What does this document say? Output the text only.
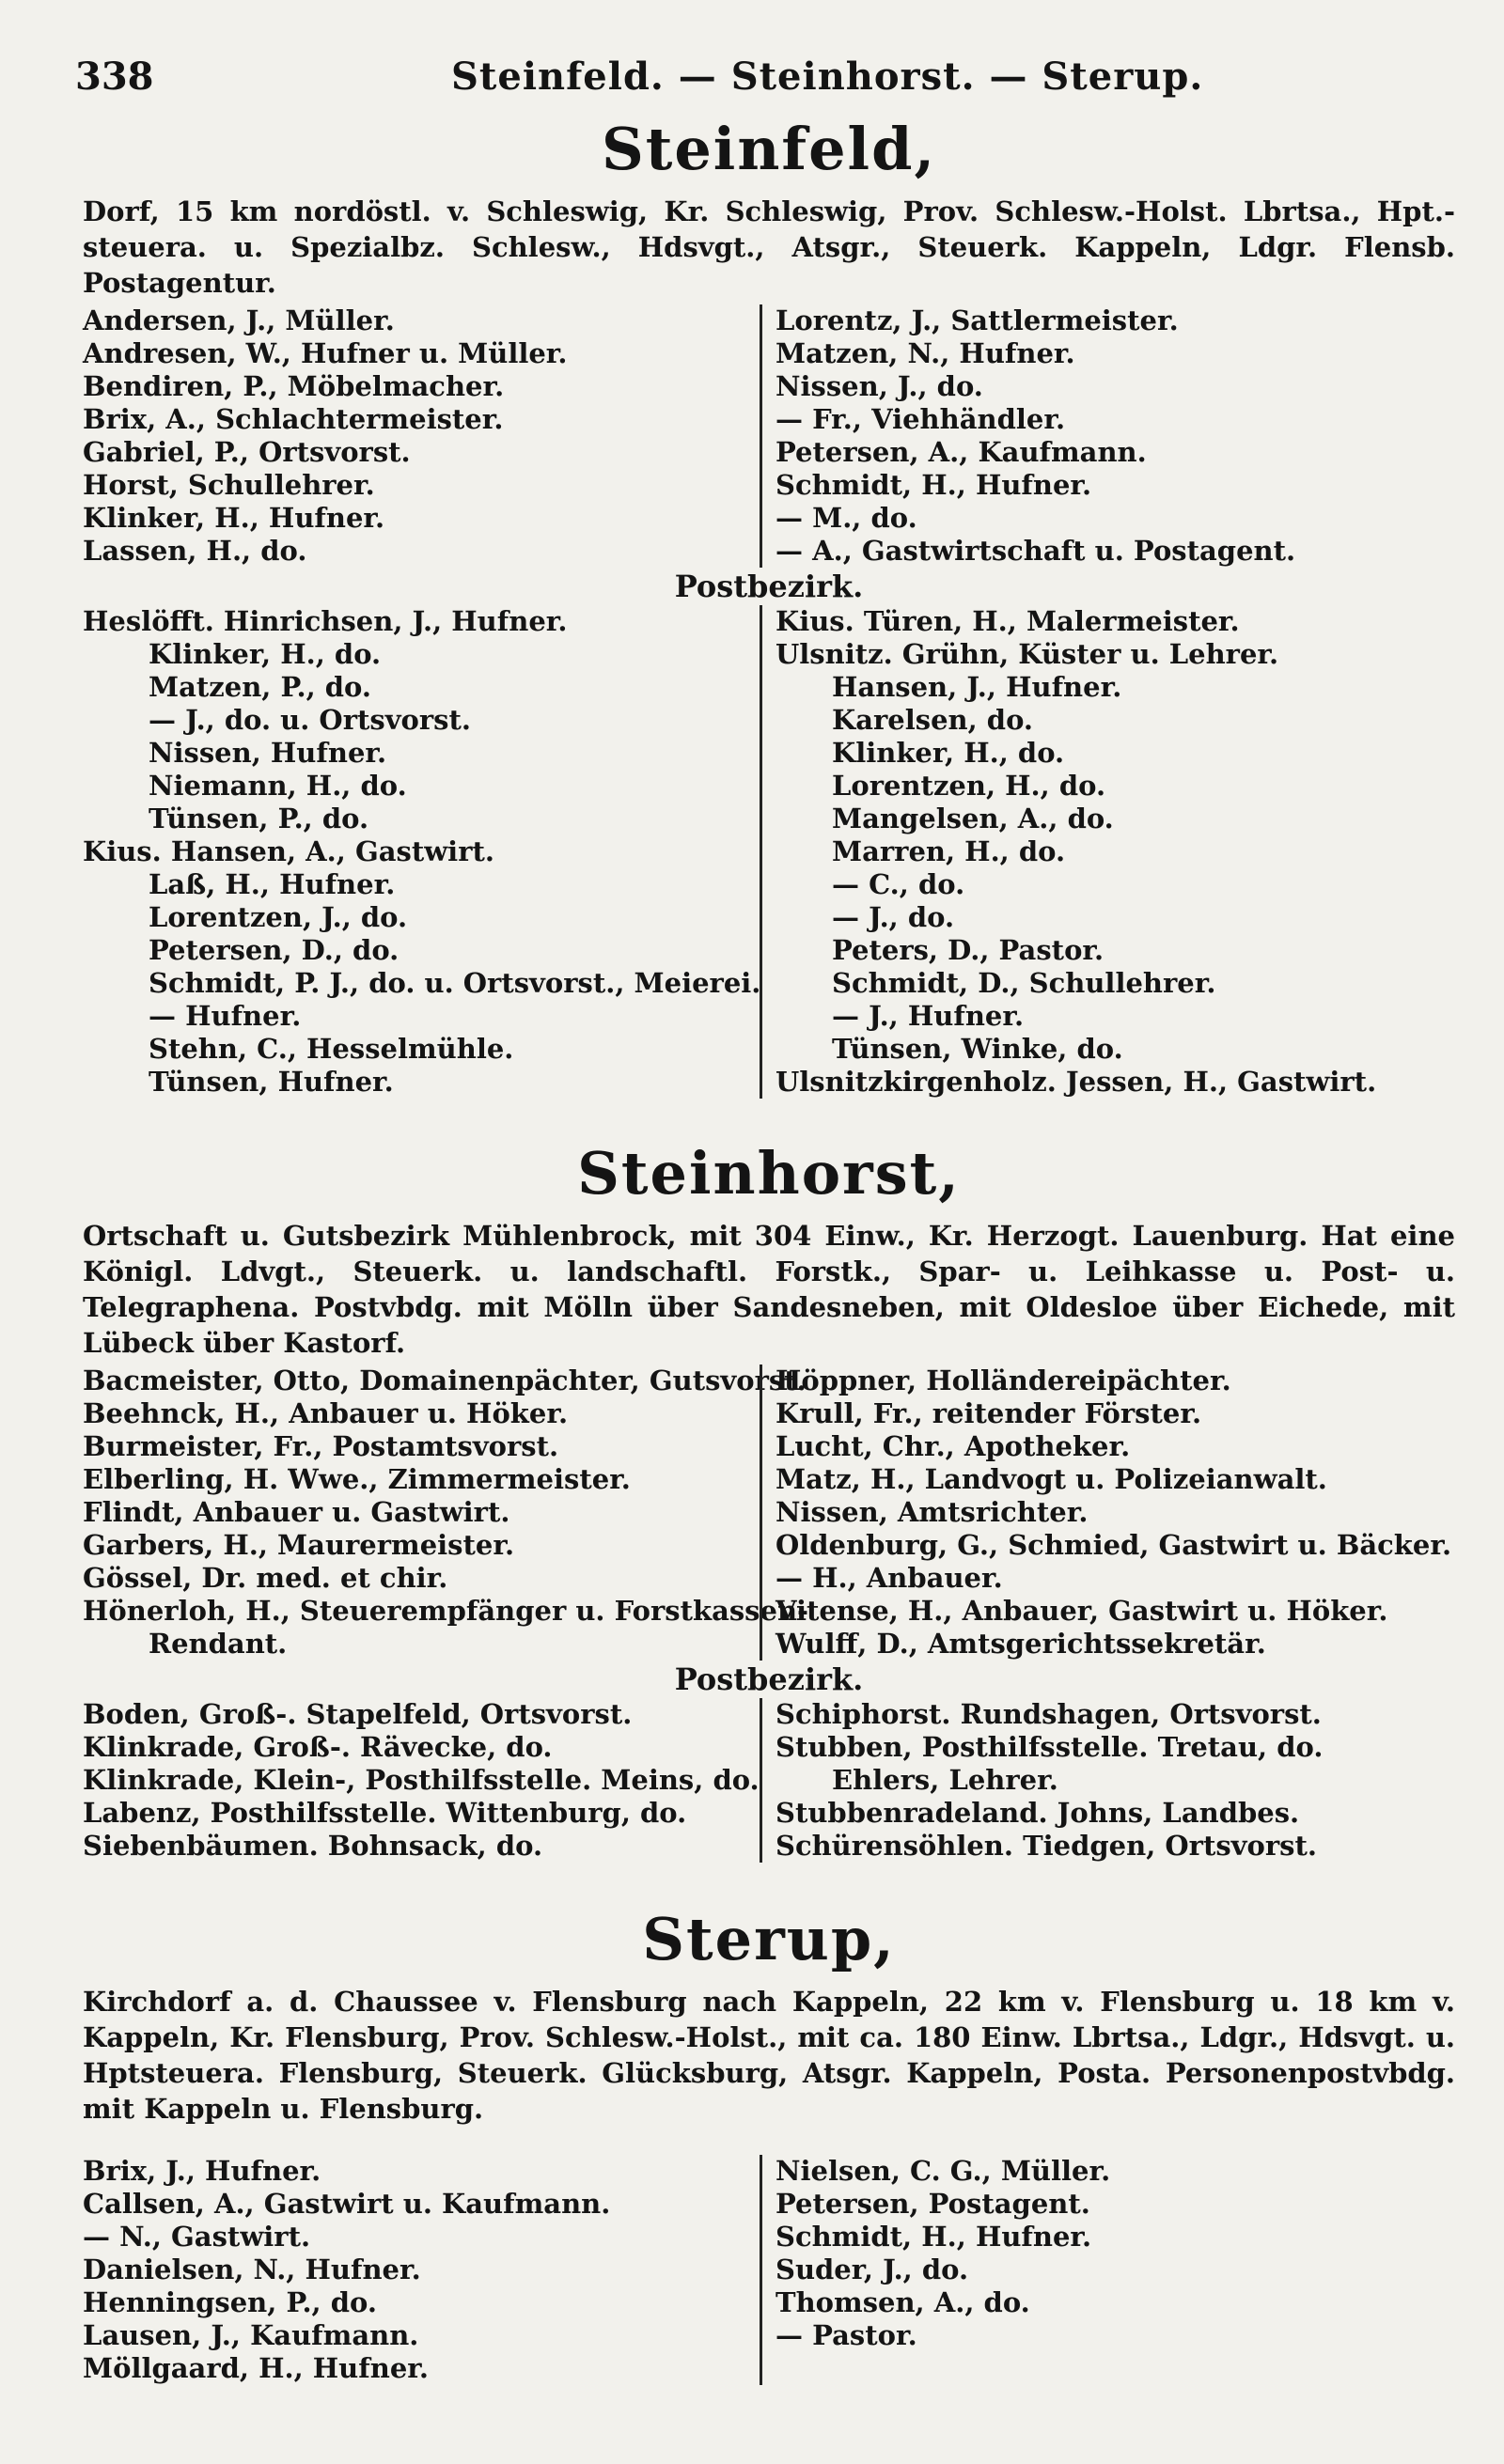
338	Steinfeld. — Steinhorst. — Sterup.
Steinfeld,
Dorf, 15 km nordöstl. v. Schleswig, Kr. Schleswig, Prov. Schlesw.-Holst. Lbrtsa., Hpt.-steuera. u. Spezialbz. Schlesw., Hdsvgt., Atsgr., Steuerk. Kappeln, Ldgr. Flensb. Postagentur.
Andersen, J., Müller.
Andresen, W., Hufner u. Müller.
Bendiren, P., Möbelmacher.
Brix, A., Schlachtermeister.
Gabriel, P., Ortsvorst.
Horst, Schullehrer.
Klinker, H., Hufner.
Lassen, H., do.
Lorentz, J., Sattlermeister.
Matzen, N., Hufner.
Nissen, J., do.
— Fr., Viehhändler.
Petersen, A., Kaufmann.
Schmidt, H., Hufner.
— M., do.
— A., Gastwirtschaft u. Postagent.
Postbezirk.
Heslöfft. Hinrichsen, J., Hufner.
Klinker, H., do.
Matzen, P., do.
— J., do. u. Ortsvorst.
Nissen, Hufner.
Niemann, H., do.
Tünsen, P., do.
Kius. Hansen, A., Gastwirt.
Laß, H., Hufner.
Lorentzen, J., do.
Petersen, D., do.
Schmidt, P. J., do. u. Ortsvorst., Meierei.
— Hufner.
Stehn, C., Hesselmühle.
Tünsen, Hufner.
Kius. Türen, H., Malermeister.
Ulsnitz. Grühn, Küster u. Lehrer.
Hansen, J., Hufner.
Karelsen, do.
Klinker, H., do.
Lorentzen, H., do.
Mangelsen, A., do.
Marren, H., do.
— C., do.
— J., do.
Peters, D., Pastor.
Schmidt, D., Schullehrer.
— J., Hufner.
Tünsen, Winke, do.
Ulsnitzkirgenholz. Jessen, H., Gastwirt.
Steinhorst,
Ortschaft u. Gutsbezirk Mühlenbrock, mit 304 Einw., Kr. Herzogt. Lauenburg. Hat eine Königl. Ldvgt., Steuerk. u. landschaftl. Forstk., Spar- u. Leihkasse u. Post- u. Telegraphena. Postvbdg. mit Mölln über Sandesneben, mit Oldesloe über Eichede, mit Lübeck über Kastorf.
Bacmeister, Otto, Domainenpächter, Gutsvorst.
Beehnck, H., Anbauer u. Höker.
Burmeister, Fr., Postamtsvorst.
Elberling, H. Wwe., Zimmermeister.
Flindt, Anbauer u. Gastwirt.
Garbers, H., Maurermeister.
Gössel, Dr. med. et chir.
Hönerloh, H., Steuerempfänger u. Forstkassen-
Rendant.
Höppner, Holländereipächter.
Krull, Fr., reitender Förster.
Lucht, Chr., Apotheker.
Matz, H., Landvogt u. Polizeianwalt.
Nissen, Amtsrichter.
Oldenburg, G., Schmied, Gastwirt u. Bäcker.
— H., Anbauer.
Vitense, H., Anbauer, Gastwirt u. Höker.
Wulff, D., Amtsgerichtssekretär.
Postbezirk.
Boden, Groß-. Stapelfeld, Ortsvorst.
Klinkrade, Groß-. Rävecke, do.
Klinkrade, Klein-, Posthilfsstelle. Meins, do.
Labenz, Posthilfsstelle. Wittenburg, do.
Siebenbäumen. Bohnsack, do.
Schiphorst. Rundshagen, Ortsvorst.
Stubben, Posthilfsstelle. Tretau, do.
Ehlers, Lehrer.
Stubbenradeland. Johns, Landbes.
Schürensöhlen. Tiedgen, Ortsvorst.
Sterup,
Kirchdorf a. d. Chaussee v. Flensburg nach Kappeln, 22 km v. Flensburg u. 18 km v. Kappeln, Kr. Flensburg, Prov. Schlesw.-Holst., mit ca. 180 Einw. Lbrtsa., Ldgr., Hdsvgt. u. Hptsteuera. Flensburg, Steuerk. Glücksburg, Atsgr. Kappeln, Posta. Personenpostvbdg. mit Kappeln u. Flensburg.
Brix, J., Hufner.
Callsen, A., Gastwirt u. Kaufmann.
— N., Gastwirt.
Danielsen, N., Hufner.
Henningsen, P., do.
Lausen, J., Kaufmann.
Möllgaard, H., Hufner.
Nielsen, C. G., Müller.
Petersen, Postagent.
Schmidt, H., Hufner.
Suder, J., do.
Thomsen, A., do.
— Pastor.
